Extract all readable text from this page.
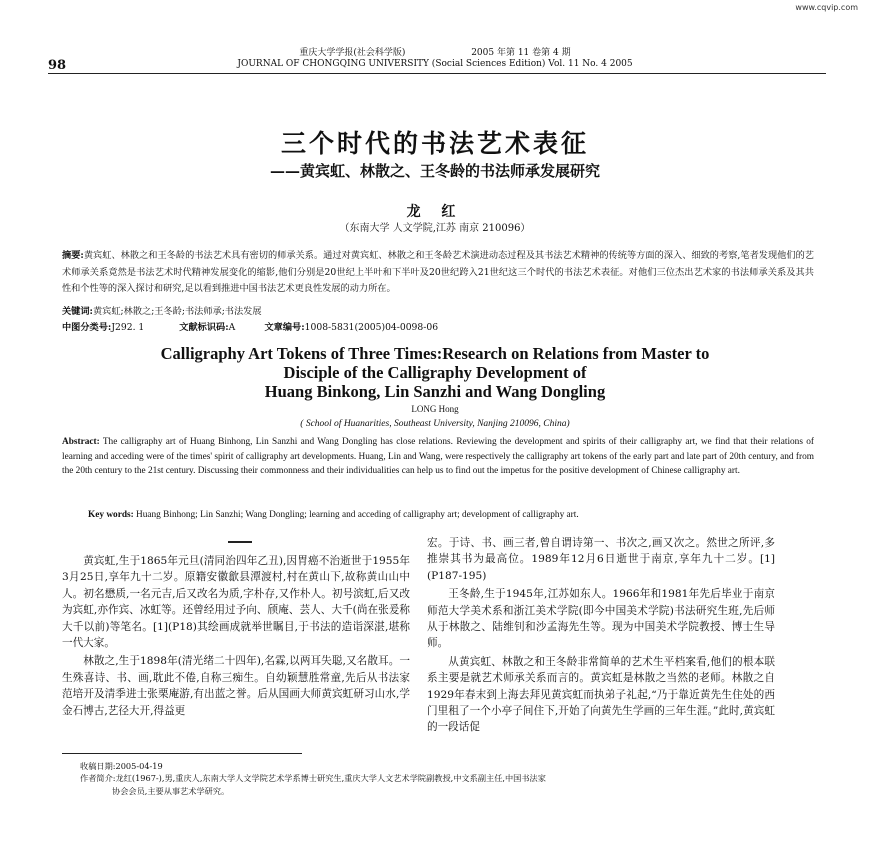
www.cqvip.com
98
重庆大学学报(社会科学版)	2005 年第 11 卷第 4 期
JOURNAL OF CHONGQING UNIVERSITY (Social Sciences Edition) Vol. 11 No. 4 2005
三个时代的书法艺术表征
——黄宾虹、林散之、王冬龄的书法师承发展研究
龙 红
（东南大学 人文学院,江苏 南京 210096）
摘要:黄宾虹、林散之和王冬龄的书法艺术具有密切的师承关系。通过对黄宾虹、林散之和王冬龄艺术演进动态过程及其书法艺术精神的传统等方面的深入、细致的考察,笔者发现他们的艺术师承关系竟然是书法艺术时代精神发展变化的缩影,他们分别是20世纪上半叶和下半叶及20世纪跨入21世纪这三个时代的书法艺术表征。对他们三位杰出艺术家的书法师承关系及其共性和个性等的深入探讨和研究,足以看到推进中国书法艺术更良性发展的动力所在。
关键词:黄宾虹;林散之;王冬龄;书法师承;书法发展
中图分类号:J292. 1	文献标识码:A	文章编号:1008-5831(2005)04-0098-06
Calligraphy Art Tokens of Three Times:Research on Relations from Master to
Disciple of the Calligraphy Development of
Huang Binkong, Lin Sanzhi and Wang Dongling
LONG Hong
( School of Huanarities, Southeast University, Nanjing 210096, China)
Abstract: The calligraphy art of Huang Binhong, Lin Sanzhi and Wang Dongling has close relations. Reviewing the development and spirits of their calligraphy art, we find that their relations of learning and acceding were of the times' spirit of calligraphy art developments. Huang, Lin and Wang, were respectively the calligraphy art tokens of the early part and late part of 20th century, and from the 20th century to the 21st century. Discussing their commonness and their individualities can help us to find out the impetus for the positive development of Chinese calligraphy art.
Key words: Huang Binhong; Lin Sanzhi; Wang Dongling; learning and acceding of calligraphy art; development of calligraphy art.

黄宾虹,生于1865年元旦(清同治四年乙丑),因胃癌不治逝世于1955年3月25日,享年九十二岁。原籍安徽歙县潭渡村,村在黄山下,故称黄山山中人。初名懋质,一名元吉,后又改名为质,字朴存,又作朴人。初号滨虹,后又改为宾虹,亦作宾、冰虹等。还曾经用过予向、颀庵、芸人、大千(尚在张爰称大千以前)等笔名。[1](P18)其绘画成就举世瞩目,于书法的造诣深湛,堪称一代大家。

林散之,生于1898年(清光绪二十四年),名霖,以两耳失聪,又名散耳。一生殊喜诗、书、画,耽此不倦,自称三痴生。自幼颖慧胜常童,先后从书法家范培开及清季进士张栗庵游,有出蓝之誉。后从国画大师黄宾虹研习山水,学金石博古,艺径大开,得益更

宏。于诗、书、画三者,曾自谓诗第一、书次之,画又次之。然世之所评,多推崇其书为最高位。1989年12月6日逝世于南京,享年九十二岁。[1](P187-195)

王冬龄,生于1945年,江苏如东人。1966年和1981年先后毕业于南京师范大学美术系和浙江美术学院(即今中国美术学院)书法研究生班,先后师从于林散之、陆维钊和沙孟海先生等。现为中国美术学院教授、博士生导师。

从黄宾虹、林散之和王冬龄非常简单的艺术生平档案看,他们的根本联系主要是就艺术师承关系而言的。黄宾虹是林散之当然的老师。林散之自1929年春末到上海去拜见黄宾虹而执弟子礼起,“乃于靠近黄先生住处的西门里租了一个小亭子间住下,开始了向黄先生学画的三年生涯。”此时,黄宾虹的一段话促

收稿日期:2005-04-19
作者简介:龙红(1967-),男,重庆人,东南大学人文学院艺术学系博士研究生,重庆大学人文艺术学院副教授,中文系副主任,中国书法家
协会会员,主要从事艺术学研究。
